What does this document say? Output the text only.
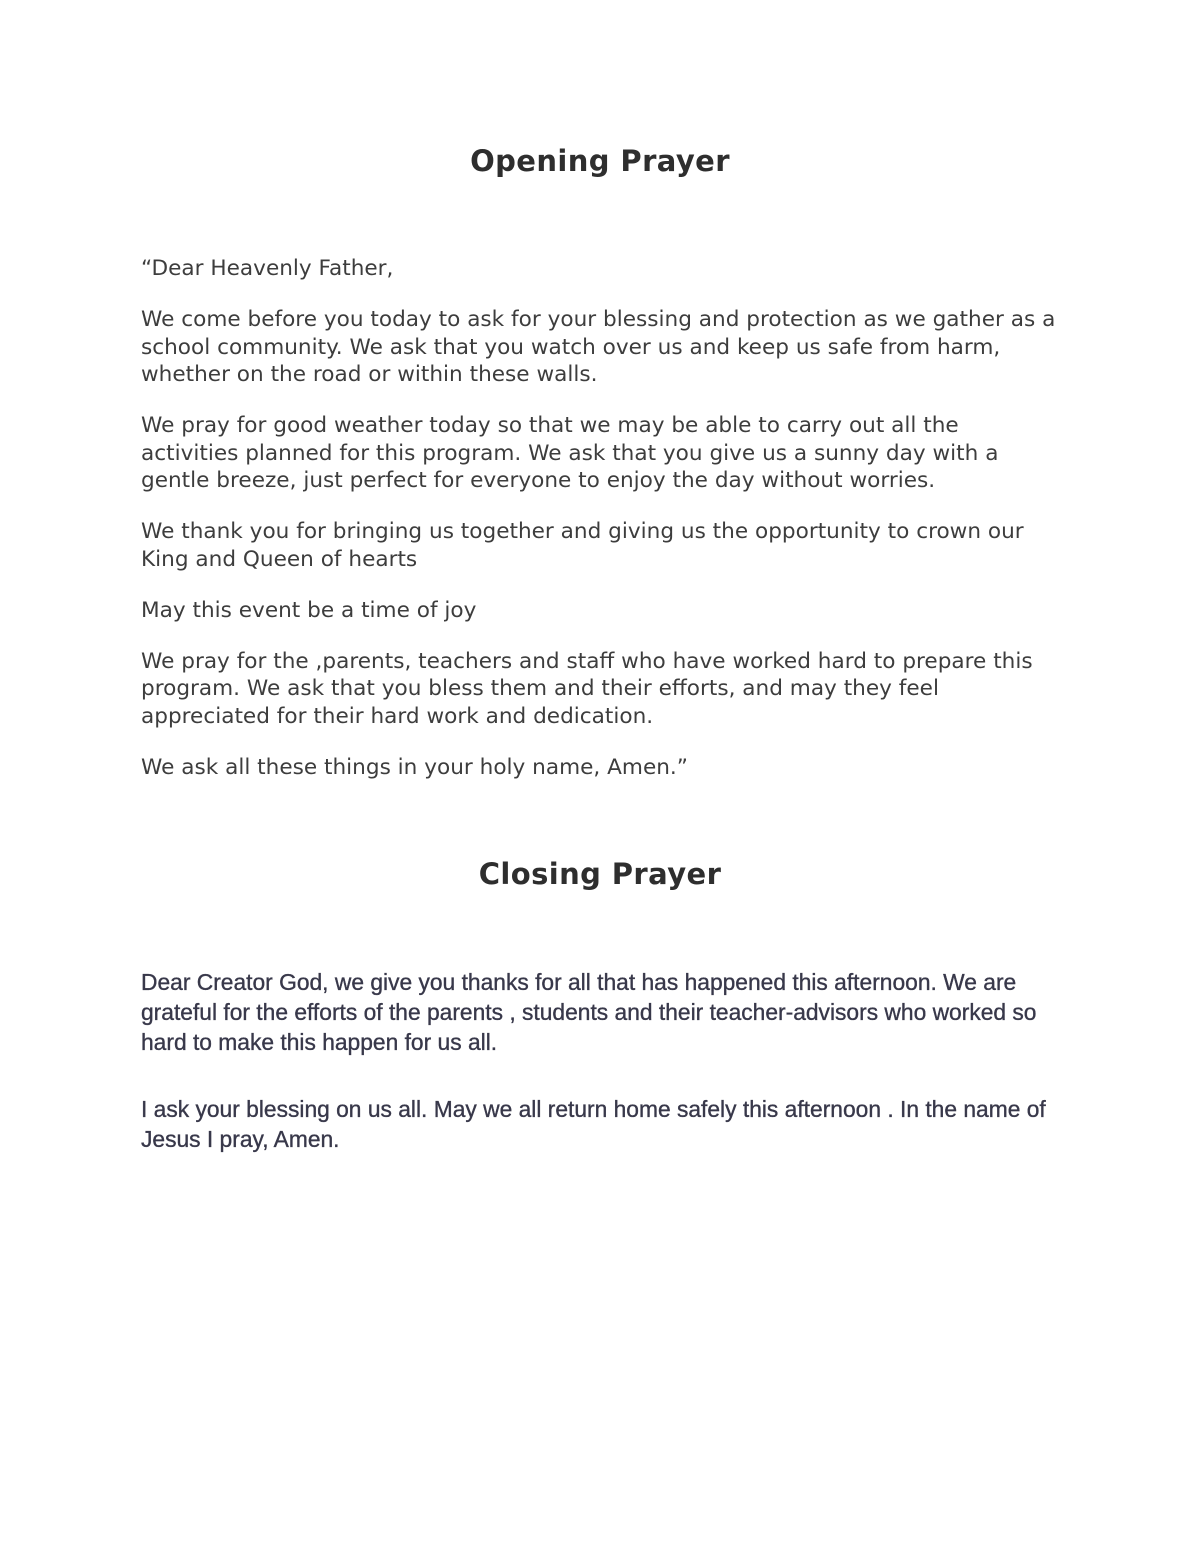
Opening Prayer

“Dear Heavenly Father,

We come before you today to ask for your blessing and protection as we gather as a school community. We ask that you watch over us and keep us safe from harm, whether on the road or within these walls.

We pray for good weather today so that we may be able to carry out all the activities planned for this program. We ask that you give us a sunny day with a gentle breeze, just perfect for everyone to enjoy the day without worries.

We thank you for bringing us together and giving us the opportunity to crown our King and Queen of hearts

May this event be a time of joy

We pray for the ,parents, teachers and staff who have worked hard to prepare this program. We ask that you bless them and their efforts, and may they feel appreciated for their hard work and dedication.

We ask all these things in your holy name, Amen.”

Closing Prayer

Dear Creator God, we give you thanks for all that has happened this afternoon. We are grateful for the efforts of the parents , students and their teacher-advisors who worked so hard to make this happen for us all.

I ask your blessing on us all. May we all return home safely this afternoon . In the name of Jesus I pray, Amen.
